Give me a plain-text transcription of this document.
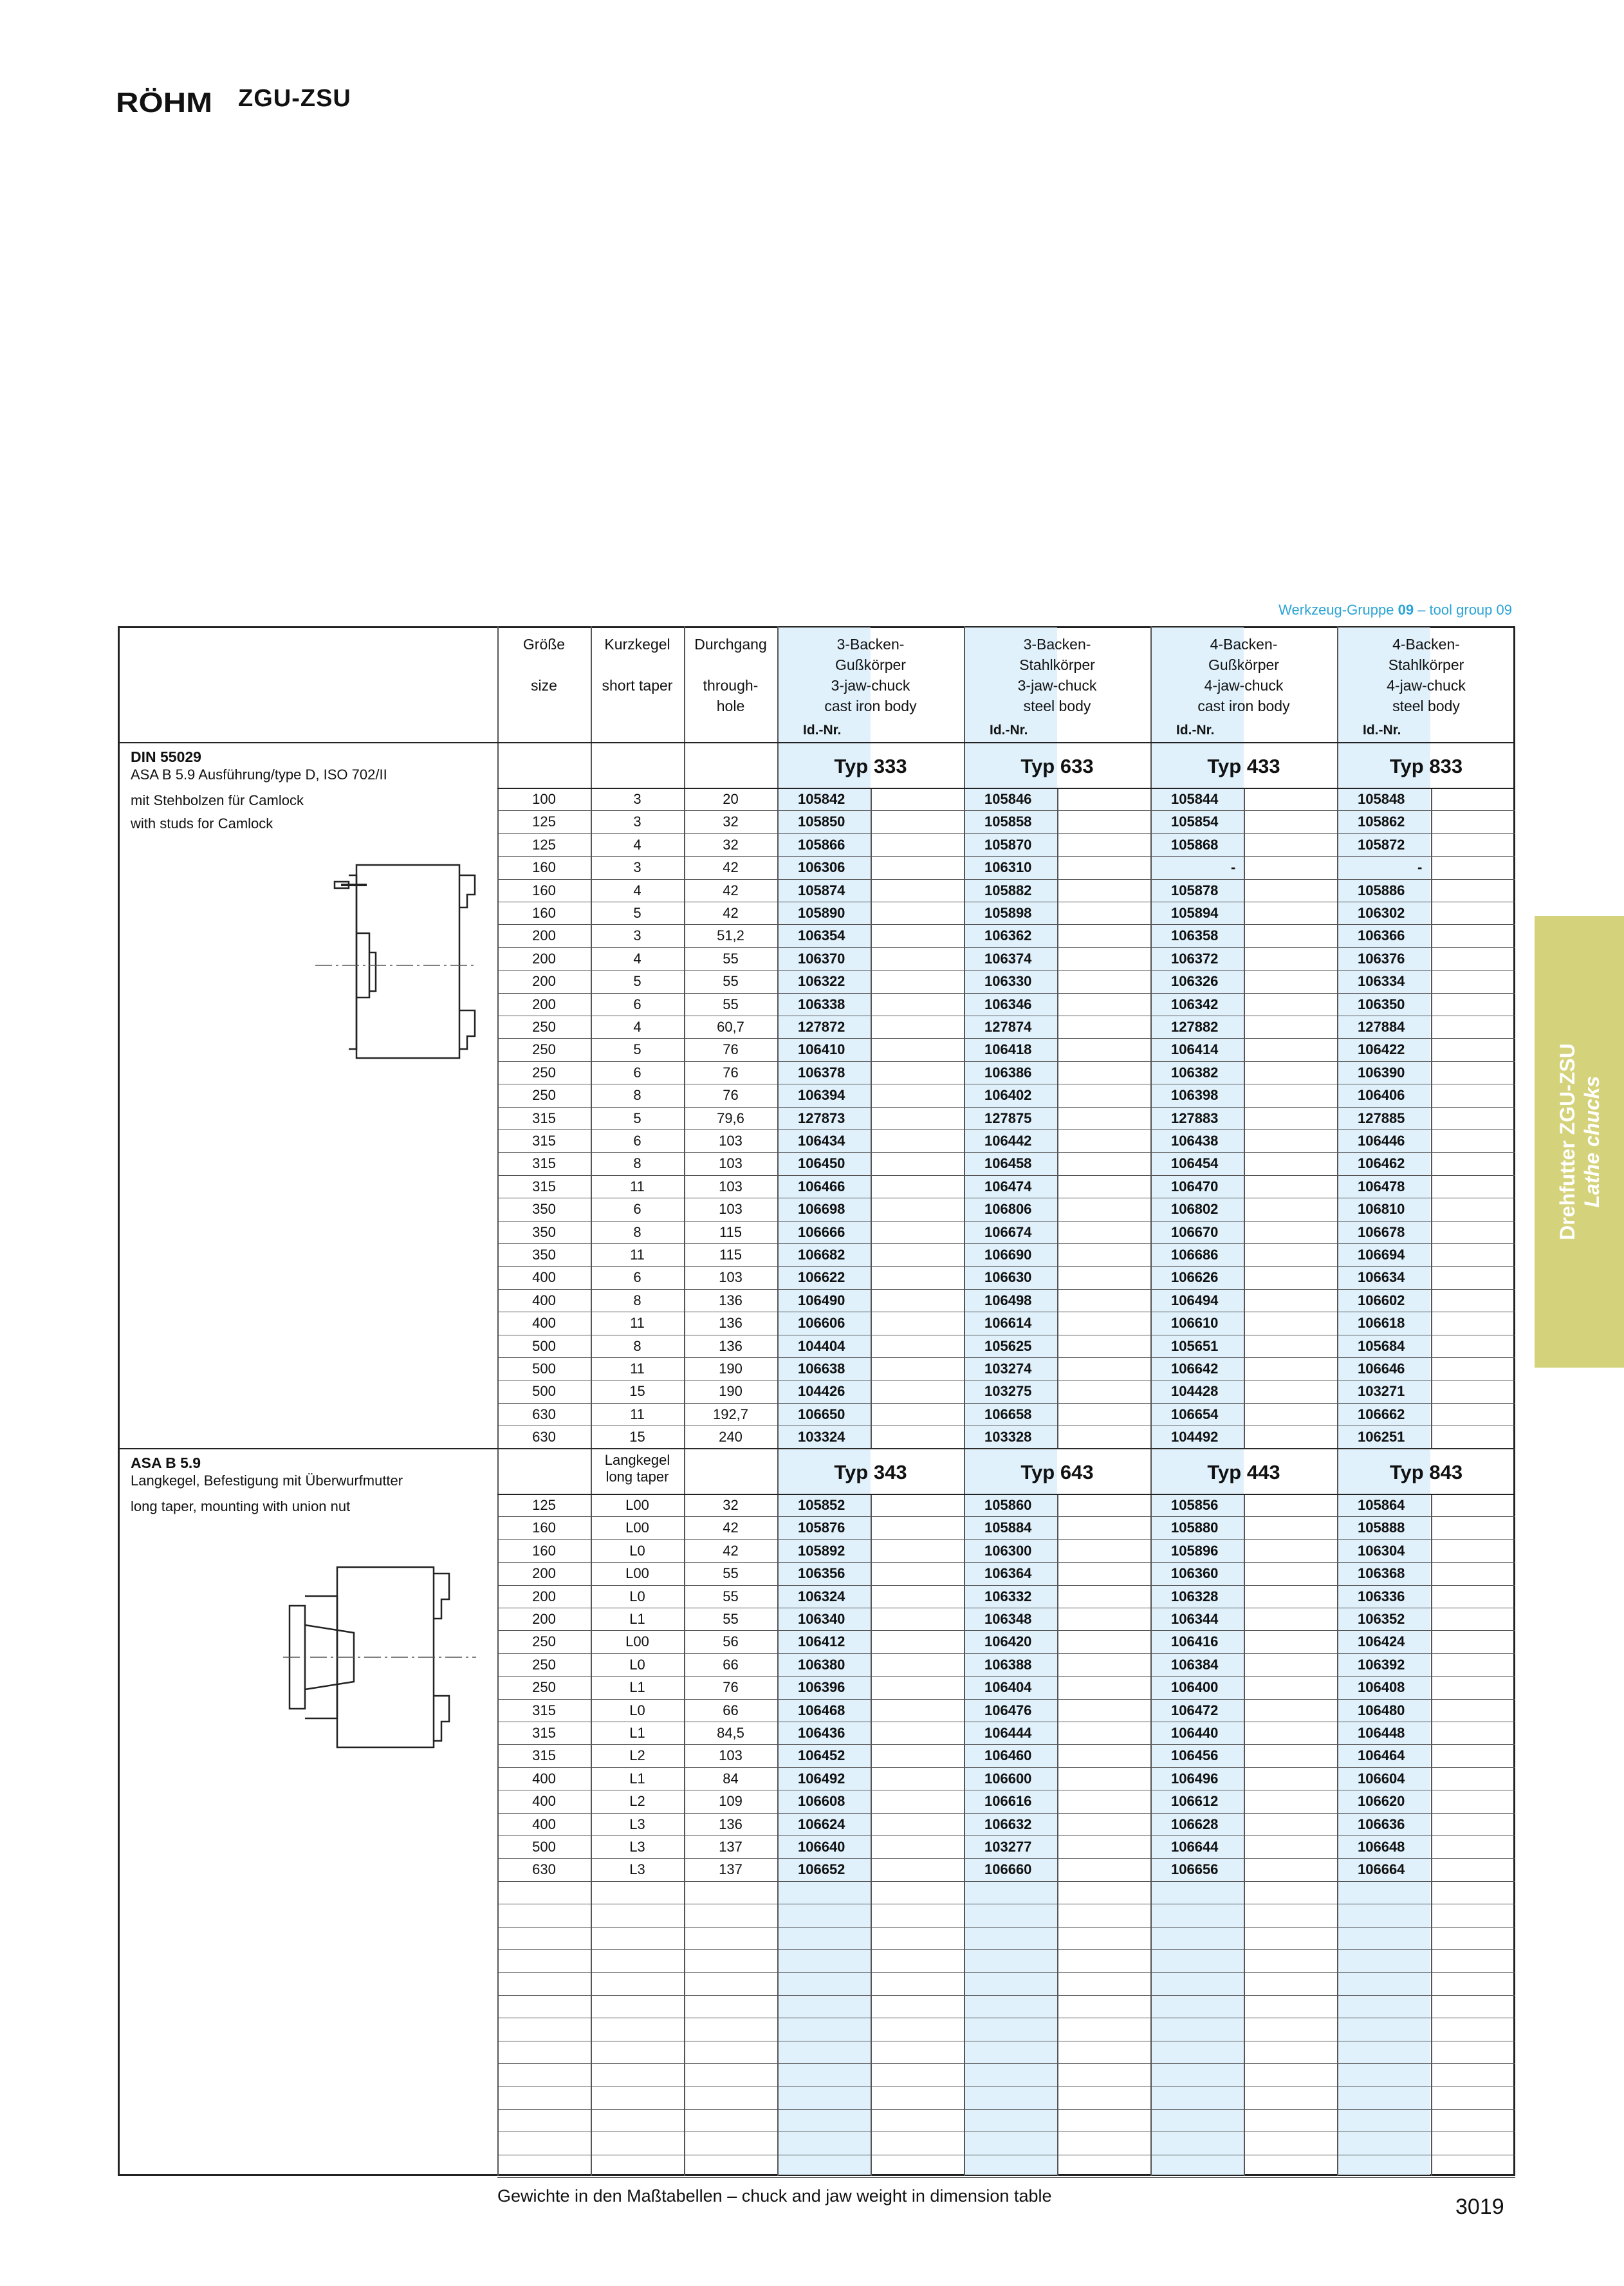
RÖHM ZGU-ZSU
Werkzeug-Gruppe 09 – tool group 09
Drehfutter ZGU-ZSU Lathe chucks
Größe

size
Kurzkegel

short taper
Durchgang

through-
hole
3-Backen-
Gußkörper
3-jaw-chuck
cast iron body
3-Backen-
Stahlkörper
3-jaw-chuck
steel body
4-Backen-
Gußkörper
4-jaw-chuck
cast iron body
4-Backen-
Stahlkörper
4-jaw-chuck
steel body
Id.-Nr.	Id.-Nr.	Id.-Nr.	Id.-Nr.
DIN 55029
ASA B 5.9 Ausführung/type D, ISO 702/II
mit Stehbolzen für Camlock
with studs for Camlock
Typ 333	Typ 633	Typ 433	Typ 833
ASA B 5.9
Langkegel, Befestigung mit Überwurfmutter
long taper, mounting with union nut
Typ 343	Typ 643	Typ 443	Typ 843
Langkegel
long taper
100	3	20	105842	105846	105844	105848
125	3	32	105850	105858	105854	105862
125	4	32	105866	105870	105868	105872
160	3	42	106306	106310	-	-
160	4	42	105874	105882	105878	105886
160	5	42	105890	105898	105894	106302
200	3	51,2	106354	106362	106358	106366
200	4	55	106370	106374	106372	106376
200	5	55	106322	106330	106326	106334
200	6	55	106338	106346	106342	106350
250	4	60,7	127872	127874	127882	127884
250	5	76	106410	106418	106414	106422
250	6	76	106378	106386	106382	106390
250	8	76	106394	106402	106398	106406
315	5	79,6	127873	127875	127883	127885
315	6	103	106434	106442	106438	106446
315	8	103	106450	106458	106454	106462
315	11	103	106466	106474	106470	106478
350	6	103	106698	106806	106802	106810
350	8	115	106666	106674	106670	106678
350	11	115	106682	106690	106686	106694
400	6	103	106622	106630	106626	106634
400	8	136	106490	106498	106494	106602
400	11	136	106606	106614	106610	106618
500	8	136	104404	105625	105651	105684
500	11	190	106638	103274	106642	106646
500	15	190	104426	103275	104428	103271
630	11	192,7	106650	106658	106654	106662
630	15	240	103324	103328	104492	106251
125	L00	32	105852	105860	105856	105864
160	L00	42	105876	105884	105880	105888
160	L0	42	105892	106300	105896	106304
200	L00	55	106356	106364	106360	106368
200	L0	55	106324	106332	106328	106336
200	L1	55	106340	106348	106344	106352
250	L00	56	106412	106420	106416	106424
250	L0	66	106380	106388	106384	106392
250	L1	76	106396	106404	106400	106408
315	L0	66	106468	106476	106472	106480
315	L1	84,5	106436	106444	106440	106448
315	L2	103	106452	106460	106456	106464
400	L1	84	106492	106600	106496	106604
400	L2	109	106608	106616	106612	106620
400	L3	136	106624	106632	106628	106636
500	L3	137	106640	103277	106644	106648
630	L3	137	106652	106660	106656	106664
Gewichte in den Maßtabellen – chuck and jaw weight in dimension table	3019
